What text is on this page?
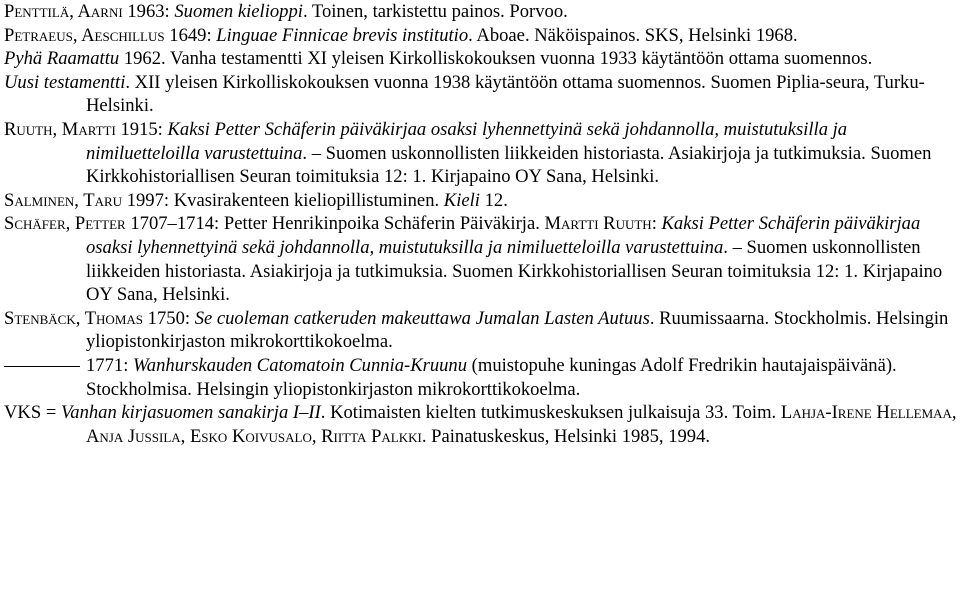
Penttilä, Aarni 1963: Suomen kielioppi. Toinen, tarkistettu painos. Porvoo.

Petraeus, Aeschillus 1649: Linguae Finnicae brevis institutio. Aboae. Näköispainos. SKS, Helsinki 1968.

Pyhä Raamattu 1962. Vanha testamentti XI yleisen Kirkolliskokouksen vuonna 1933 käytäntöön ottama suomennos.

Uusi testamentti. XII yleisen Kirkolliskokouksen vuonna 1938 käytäntöön ottama suomennos. Suomen Piplia-seura, Turku-Helsinki.

Ruuth, Martti 1915: Kaksi Petter Schäferin päiväkirjaa osaksi lyhennettyinä sekä johdannolla, muistutuksilla ja nimiluetteloilla varustettuina. – Suomen uskonnollisten liikkeiden historiasta. Asiakirjoja ja tutkimuksia. Suomen Kirkkohistoriallisen Seuran toimituksia 12: 1. Kirjapaino OY Sana, Helsinki.

Salminen, Taru 1997: Kvasirakenteen kieliopillistuminen. Kieli 12.

Schäfer, Petter 1707–1714: Petter Henrikinpoika Schäferin Päiväkirja. Martti Ruuth: Kaksi Petter Schäferin päiväkirjaa osaksi lyhennettyinä sekä johdannolla, muistutuksilla ja nimiluetteloilla varustettuina. – Suomen uskonnollisten liikkeiden historiasta. Asiakirjoja ja tutkimuksia. Suomen Kirkkohistoriallisen Seuran toimituksia 12: 1. Kirjapaino OY Sana, Helsinki.

Stenbäck, Thomas 1750: Se cuoleman catkeruden makeuttawa Jumalan Lasten Autuus. Ruumissaarna. Stockholmis. Helsingin yliopistonkirjaston mikrokorttikokoelma.

1771: Wanhurskauden Catomatoin Cunnia-Kruunu (muistopuhe kuningas Adolf Fredrikin hautajaispäivänä). Stockholmisa. Helsingin yliopistonkirjaston mikrokorttikokoelma.

VKS = Vanhan kirjasuomen sanakirja I–II. Kotimaisten kielten tutkimuskeskuksen julkaisuja 33. Toim. Lahja-Irene Hellemaa, Anja Jussila, Esko Koivusalo, Riitta Palkki. Painatuskeskus, Helsinki 1985, 1994.
